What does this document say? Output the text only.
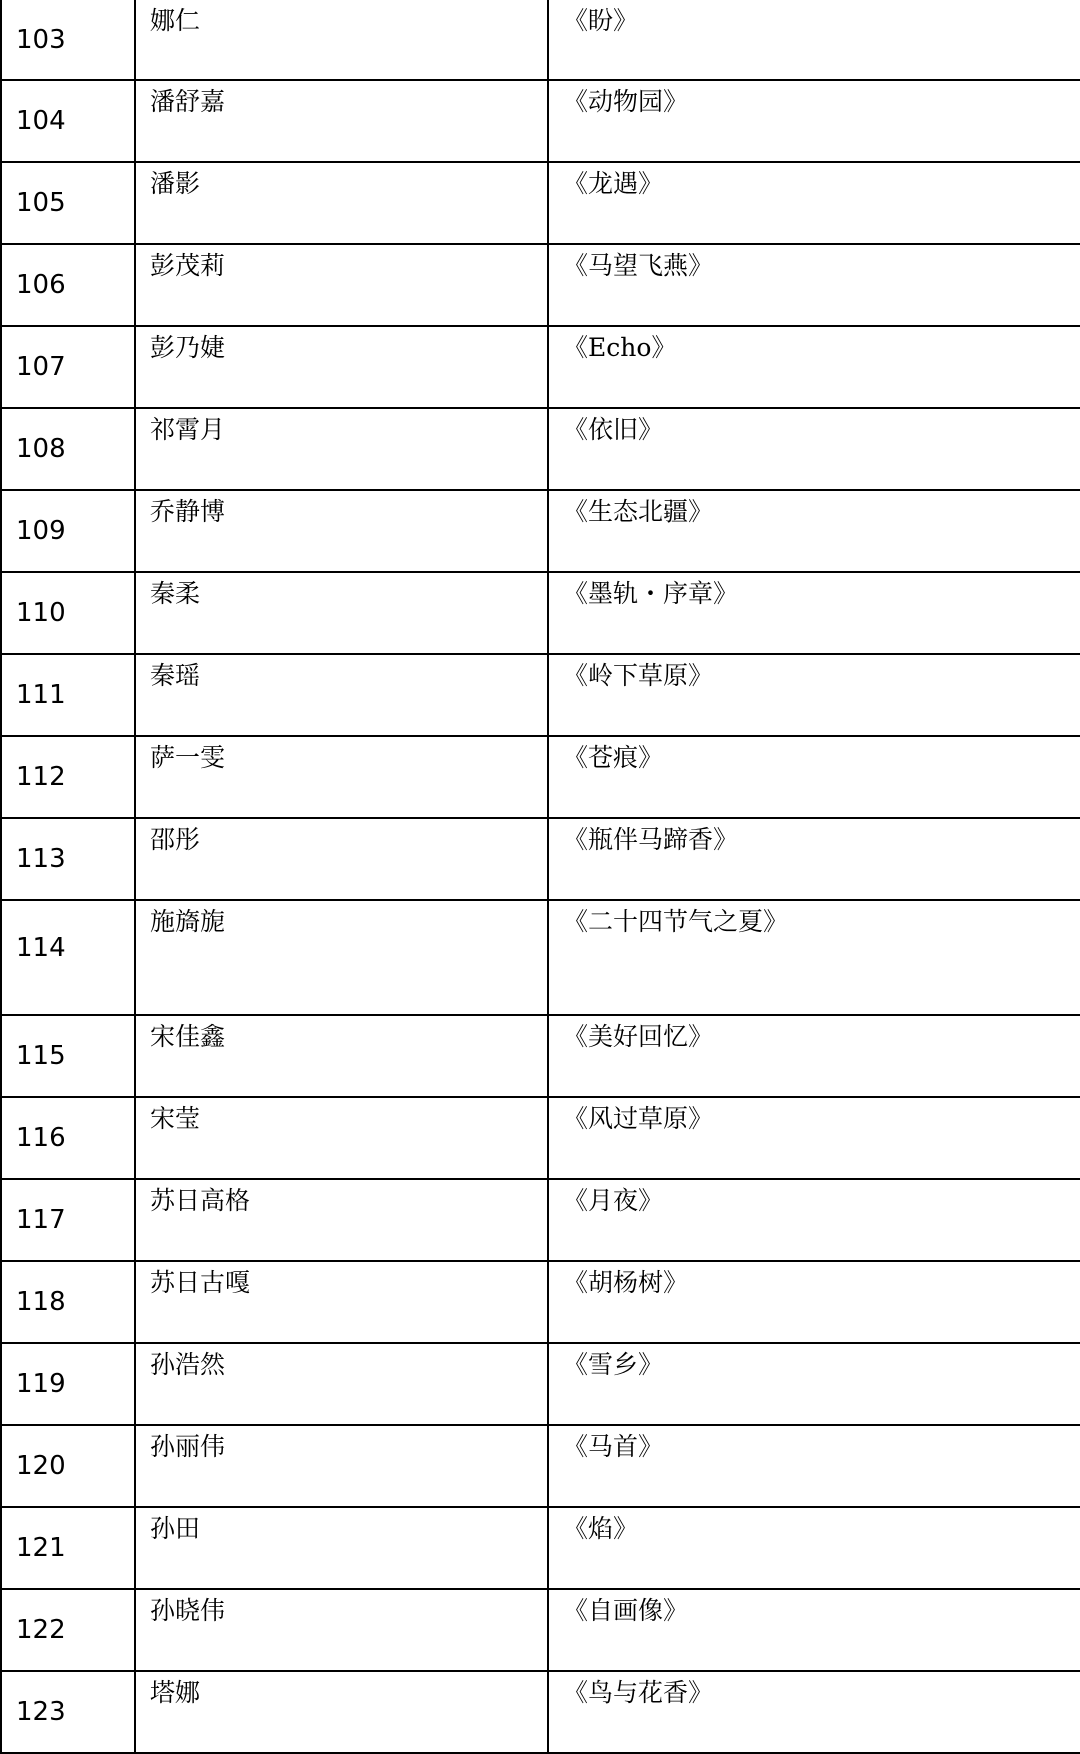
103	娜仁	《盼》
104	潘舒嘉	《动物园》
105	潘影	《龙遇》
106	彭茂莉	《马望飞燕》
107	彭乃婕	《Echo》
108	祁霄月	《依旧》
109	乔静博	《生态北疆》
110	秦柔	《墨轨・序章》
111	秦瑶	《岭下草原》
112	萨一雯	《苍痕》
113	邵彤	《瓶伴马蹄香》
114	施旖旎	《二十四节气之夏》
115	宋佳鑫	《美好回忆》
116	宋莹	《风过草原》
117	苏日高格	《月夜》
118	苏日古嘎	《胡杨树》
119	孙浩然	《雪乡》
120	孙丽伟	《马首》
121	孙田	《焰》
122	孙晓伟	《自画像》
123	塔娜	《鸟与花香》
